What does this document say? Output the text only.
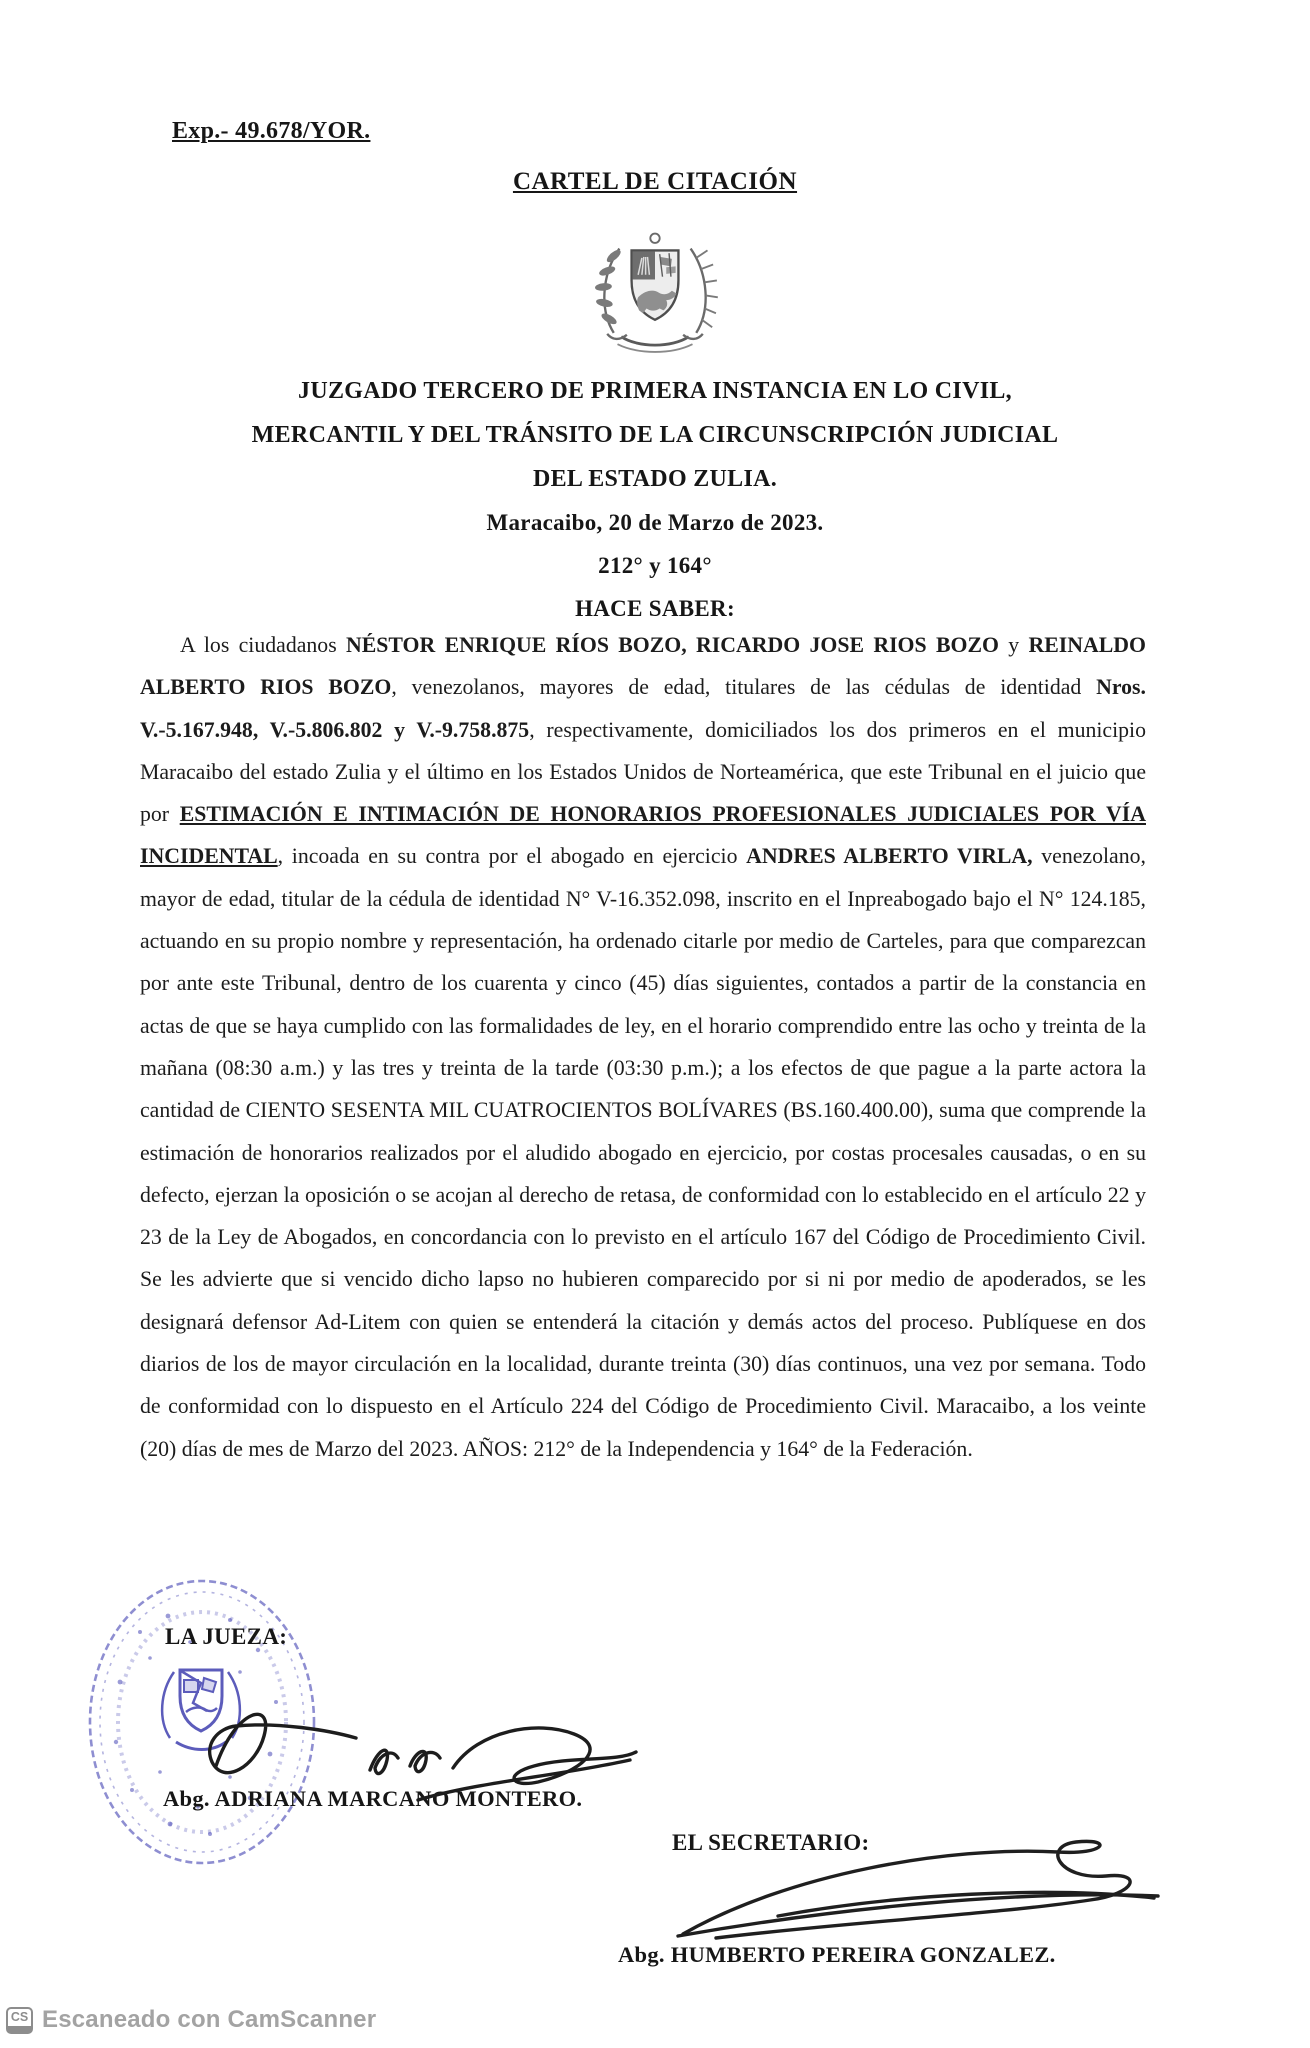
Exp.- 49.678/YOR.
CARTEL DE CITACIÓN
JUZGADO TERCERO DE PRIMERA INSTANCIA EN LO CIVIL,
MERCANTIL Y DEL TRÁNSITO DE LA CIRCUNSCRIPCIÓN JUDICIAL
DEL ESTADO ZULIA.
Maracaibo, 20 de Marzo de 2023.
212° y 164°
HACE SABER:
A los ciudadanos NÉSTOR ENRIQUE RÍOS BOZO, RICARDO JOSE RIOS BOZO y REINALDO ALBERTO RIOS BOZO, venezolanos, mayores de edad, titulares de las cédulas de identidad Nros. V.-5.167.948, V.-5.806.802 y V.-9.758.875, respectivamente, domiciliados los dos primeros en el municipio Maracaibo del estado Zulia y el último en los Estados Unidos de Norteamérica, que este Tribunal en el juicio que por ESTIMACIÓN E INTIMACIÓN DE HONORARIOS PROFESIONALES JUDICIALES POR VÍA INCIDENTAL, incoada en su contra por el abogado en ejercicio ANDRES ALBERTO VIRLA, venezolano, mayor de edad, titular de la cédula de identidad N° V-16.352.098, inscrito en el Inpreabogado bajo el N° 124.185, actuando en su propio nombre y representación, ha ordenado citarle por medio de Carteles, para que comparezcan por ante este Tribunal, dentro de los cuarenta y cinco (45) días siguientes, contados a partir de la constancia en actas de que se haya cumplido con las formalidades de ley, en el horario comprendido entre las ocho y treinta de la mañana (08:30 a.m.) y las tres y treinta de la tarde (03:30 p.m.); a los efectos de que pague a la parte actora la cantidad de CIENTO SESENTA MIL CUATROCIENTOS BOLÍVARES (BS.160.400.00), suma que comprende la estimación de honorarios realizados por el aludido abogado en ejercicio, por costas procesales causadas, o en su defecto, ejerzan la oposición o se acojan al derecho de retasa, de conformidad con lo establecido en el artículo 22 y 23 de la Ley de Abogados, en concordancia con lo previsto en el artículo 167 del Código de Procedimiento Civil. Se les advierte que si vencido dicho lapso no hubieren comparecido por si ni por medio de apoderados, se les designará defensor Ad-Litem con quien se entenderá la citación y demás actos del proceso. Publíquese en dos diarios de los de mayor circulación en la localidad, durante treinta (30) días continuos, una vez por semana. Todo de conformidad con lo dispuesto en el Artículo 224 del Código de Procedimiento Civil. Maracaibo, a los veinte (20) días de mes de Marzo del 2023. AÑOS: 212° de la Independencia y 164° de la Federación.
LA JUEZA:
Abg. ADRIANA MARCANO MONTERO.
EL SECRETARIO:
Abg. HUMBERTO PEREIRA GONZALEZ.
CS Escaneado con CamScanner
